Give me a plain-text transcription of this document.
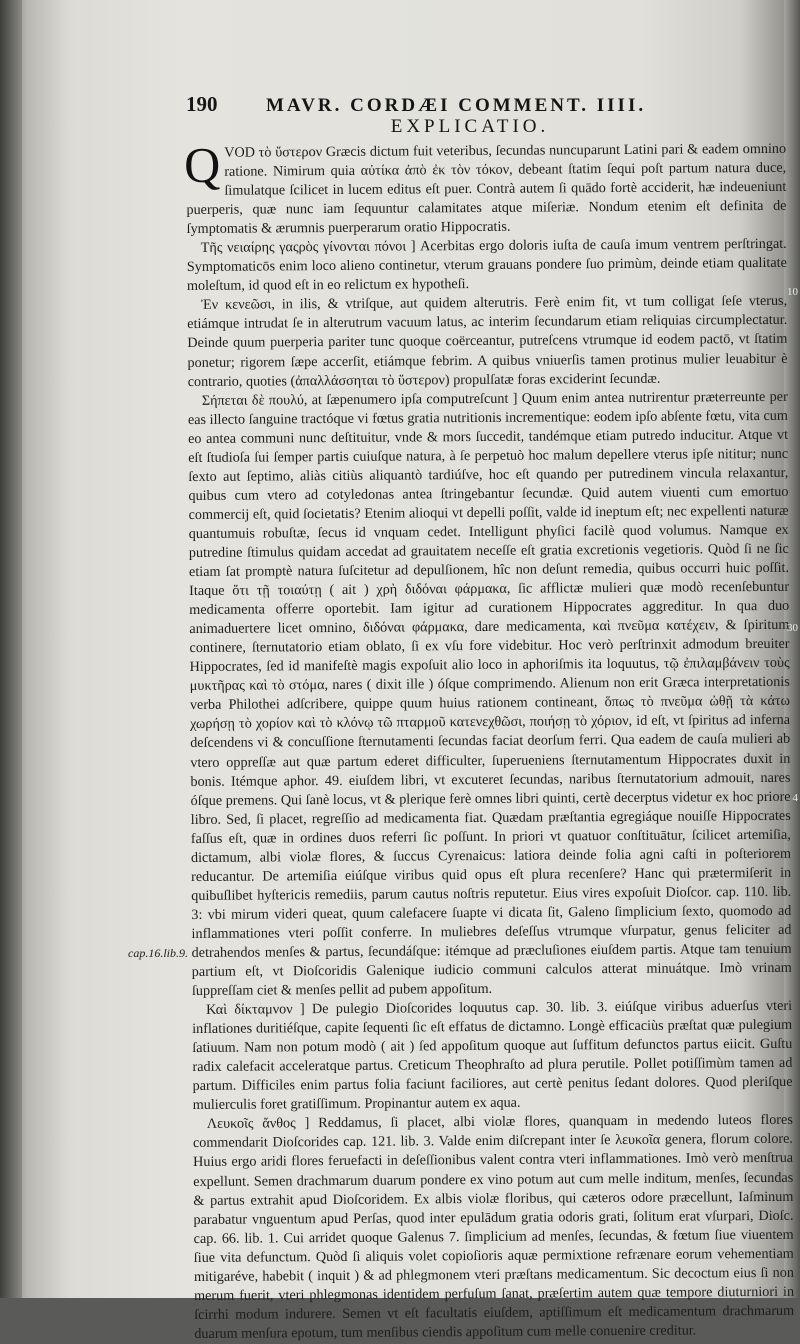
190	MAVR. CORDÆI COMMENT. IIII.
EXPLICATIO.
cap.16.lib.9.

QVOD τὸ ὕστερον Græcis dictum fuit veteribus, ſecundas nuncuparunt Latini pari & eadem omnino ratione. Nimirum quia αὐτίκα ἀπὸ ἐκ τὸν τόκον, debeant ſtatim ſequi poſt partum natura duce, ſimulatque ſcilicet in lucem editus eſt puer. Contrà autem ſi quādo fortè acciderit, hæ indeueniunt puerperis, quæ nunc iam ſequuntur calamitates atque miſeriæ. Nondum etenim eſt definita de ſymptomatis & ærumnis puerperarum oratio Hippocratis.

Τῆς νειαίρης γαςρὸς γίνονται πόνοι ] Acerbitas ergo doloris iuſta de cauſa imum ventrem perſtringat. Symptomaticōs enim loco alieno continetur, vterum grauans pondere ſuo primùm, deinde etiam qualitate moleſtum, id quod eſt in eo relictum ex hypotheſi.

Ἐν κενεῶσι, in ilis, & vtriſque, aut quidem alterutris. Ferè enim fit, vt tum colligat ſeſe vterus, etiámque intrudat ſe in alterutrum vacuum latus, ac interim ſecundarum etiam reliquias circumplectatur. Deinde quum puerperia pariter tunc quoque coërceantur, putreſcens vtrumque id eodem pactō, vt ſtatim ponetur; rigorem ſæpe accerſit, etiámque febrim. A quibus vniuerſis tamen protinus mulier leuabitur è contrario, quoties (ἀπαλλάσσηται τὸ ὕστερον) propulſatæ foras exciderint ſecundæ.

Σήπεται δὲ πουλύ, at ſæpenumero ipſa computreſcunt ] Quum enim antea nutrirentur præterreunte per eas illecto ſanguine tractóque vi fœtus gratia nutritionis incrementique: eodem ipſo abſente fœtu, vita cum eo antea communi nunc deſtituitur, vnde & mors ſuccedit, tandémque etiam putredo inducitur. Atque vt eſt ſtudioſa ſui ſemper partis cuiuſque natura, à ſe perpetuò hoc malum depellere vterus ipſe nititur; nunc ſexto aut ſeptimo, aliàs citiùs aliquantò tardiúſve, hoc eſt quando per putredinem vincula relaxantur, quibus cum vtero ad cotyledonas antea ſtringebantur ſecundæ. Quid autem viuenti cum emortuo commercij eſt, quid ſocietatis? Etenim alioqui vt depelli poſſit, valde id ineptum eſt; nec expellenti naturæ quantumuis robuſtæ, ſecus id vnquam cedet. Intelligunt phyſici facilè quod volumus. Namque ex putredine ſtimulus quidam accedat ad grauitatem neceſſe eſt gratia excretionis vegetioris. Quòd ſi ne ſic etiam ſat promptè natura ſuſcitetur ad depulſionem, hîc non deſunt remedia, quibus occurri huic poſſit. Itaque ὅτι τῇ τοιαύτῃ ( ait ) χρὴ διδόναι φάρμακα, ſic afflictæ mulieri quæ modò recenſebuntur medicamenta offerre oportebit. Iam igitur ad curationem Hippocrates aggreditur. In qua duo animaduertere licet omnino, διδόναι φάρμακα, dare medicamenta, καὶ πνεῦμα κατέχειν, & ſpiritum continere, ſternutatorio etiam oblato, ſi ex vſu fore videbitur. Hoc verò perſtrinxit admodum breuiter Hippocrates, ſed id manifeſtè magis expoſuit alio loco in aphoriſmis ita loquutus, τῷ ἐπιλαμβάνειν τοὺς μυκτῆρας καὶ τὸ στόμα, nares ( dixit ille ) óſque comprimendo. Alienum non erit Græca interpretationis verba Philothei adſcribere, quippe quum huius rationem contineant, ὅπως τὸ πνεῦμα ὠθῇ τὰ κάτω χωρήσῃ τὸ χορίον καὶ τὸ κλόνῳ τῶ πταρμοῦ κατενεχθῶσι, ποιήσῃ τὸ χόριον, id eſt, vt ſpiritus ad inferna deſcendens vi & concuſſione ſternutamenti ſecundas faciat deorſum ferri. Qua eadem de cauſa mulieri ab vtero oppreſſæ aut quæ partum ederet difficulter, ſuperueniens ſternutamentum Hippocrates duxit in bonis. Itémque aphor. 49. eiuſdem libri, vt excuteret ſecundas, naribus ſternutatorium admouit, nares óſque premens. Qui ſanè locus, vt & plerique ferè omnes libri quinti, certè decerptus videtur ex hoc priore libro. Sed, ſi placet, regreſſio ad medicamenta fiat. Quædam præſtantia egregiáque nouiſſe Hippocrates faſſus eſt, quæ in ordines duos referri ſic poſſunt. In priori vt quatuor conſtituātur, ſcilicet artemiſia, dictamum, albi violæ flores, & ſuccus Cyrenaicus: latiora deinde folia agni caſti in poſteriorem reducantur. De artemiſia eiúſque viribus quid opus eſt plura recenſere? Hanc qui prætermiſerit in quibuſlibet hyſtericis remediis, parum cautus noſtris reputetur. Eius vires expoſuit Dioſcor. cap. 110. lib. 3: vbi mirum videri queat, quum calefacere ſuapte vi dicata ſit, Galeno ſimplicium ſexto, quomodo ad inflammationes vteri poſſit conferre. In muliebres deſeſſus vtrumque vſurpatur, genus feliciter ad detrahendos menſes & partus, ſecundáſque: itémque ad præcluſiones eiuſdem partis. Atque tam tenuium partium eſt, vt Dioſcoridis Galenique iudicio communi calculos atterat minuátque. Imò vrinam ſuppreſſam ciet & menſes pellit ad pubem appoſitum.

Καὶ δίκταμνον ] De pulegio Dioſcorides loquutus cap. 30. lib. 3. eiúſque viribus aduerſus vteri inflationes duritiéſque, capite ſequenti ſic eſt effatus de dictamno. Longè efficaciùs præſtat quæ pulegium ſatiuum. Nam non potum modò ( ait ) ſed appoſitum quoque aut ſuffitum defunctos partus eiicit. Guſtu radix calefacit acceleratque partus. Creticum Theophraſto ad plura perutile. Pollet potiſſimùm tamen ad partum. Difficiles enim partus folia faciunt faciliores, aut certè penitus ſedant dolores. Quod pleriſque mulierculis foret gratiſſimum. Propinantur autem ex aqua.

Λευκοῖς ἄνθος ] Reddamus, ſi placet, albi violæ flores, quanquam in medendo luteos flores commendarit Dioſcorides cap. 121. lib. 3. Valde enim diſcrepant inter ſe λευκοῖα genera, florum colore. Huius ergo aridi flores feruefacti in deſeſſionibus valent contra vteri inflammationes. Imò verò menſtrua expellunt. Semen drachmarum duarum pondere ex vino potum aut cum melle inditum, menſes, ſecundas & partus extrahit apud Dioſcoridem. Ex albis violæ floribus, qui cæteros odore præcellunt, Iaſminum parabatur vnguentum apud Perſas, quod inter epulādum gratia odoris grati, ſolitum erat vſurpari, Dioſc. cap. 66. lib. 1. Cui arridet quoque Galenus 7. ſimplicium ad menſes, ſecundas, & fœtum ſiue viuentem ſiue vita defunctum. Quòd ſi aliquis volet copioſioris aquæ permixtione refrænare eorum vehementiam mitigaréve, habebit ( inquit ) & ad phlegmonem vteri præſtans medicamentum. Sic decoctum eius ſi non merum fuerit, vteri phlegmonas identidem perfuſum ſanat, præſertim autem quæ tempore diuturniori in ſcirrhi modum indurere. Semen vt eſt facultatis eiuſdem, aptiſſimum eſt medicamentum drachmarum duarum menſura epotum, tum menſibus ciendis appoſitum cum melle conuenire creditur.

10
30
4
